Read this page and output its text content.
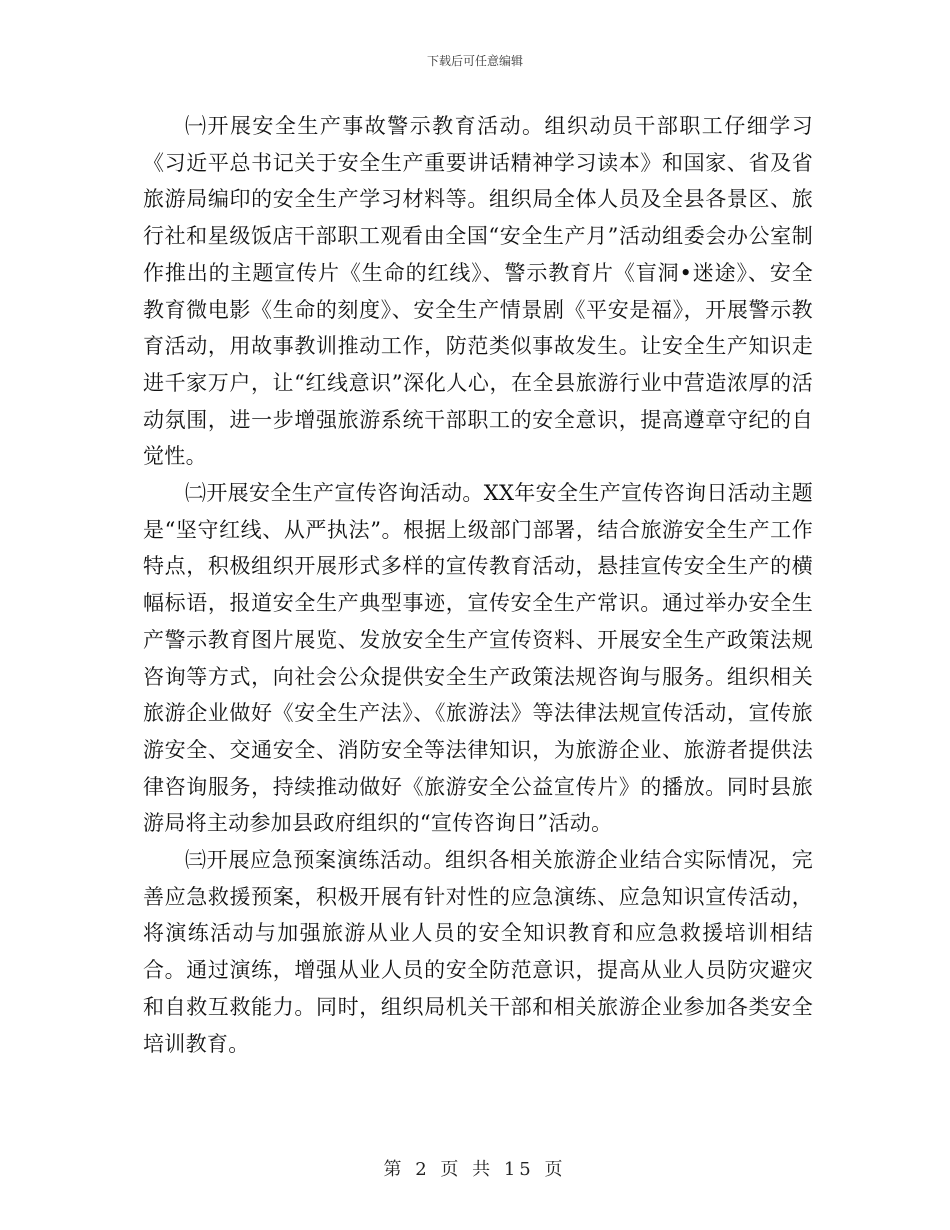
下载后可任意编辑

㈠开展安全生产事故警示教育活动。组织动员干部职工仔细学习《习近平总书记关于安全生产重要讲话精神学习读本》和国家、省及省旅游局编印的安全生产学习材料等。组织局全体人员及全县各景区、旅行社和星级饭店干部职工观看由全国“安全生产月”活动组委会办公室制作推出的主题宣传片《生命的红线》、警示教育片《盲洞•迷途》、安全教育微电影《生命的刻度》、安全生产情景剧《平安是福》，开展警示教育活动，用故事教训推动工作，防范类似事故发生。让安全生产知识走进千家万户，让“红线意识”深化人心，在全县旅游行业中营造浓厚的活动氛围，进一步增强旅游系统干部职工的安全意识，提高遵章守纪的自觉性。

㈡开展安全生产宣传咨询活动。XX年安全生产宣传咨询日活动主题是“坚守红线、从严执法”。根据上级部门部署，结合旅游安全生产工作特点，积极组织开展形式多样的宣传教育活动，悬挂宣传安全生产的横幅标语，报道安全生产典型事迹，宣传安全生产常识。通过举办安全生产警示教育图片展览、发放安全生产宣传资料、开展安全生产政策法规咨询等方式，向社会公众提供安全生产政策法规咨询与服务。组织相关旅游企业做好《安全生产法》、《旅游法》等法律法规宣传活动，宣传旅游安全、交通安全、消防安全等法律知识，为旅游企业、旅游者提供法律咨询服务，持续推动做好《旅游安全公益宣传片》的播放。同时县旅游局将主动参加县政府组织的“宣传咨询日”活动。

㈢开展应急预案演练活动。组织各相关旅游企业结合实际情况，完善应急救援预案，积极开展有针对性的应急演练、应急知识宣传活动，将演练活动与加强旅游从业人员的安全知识教育和应急救援培训相结合。通过演练，增强从业人员的安全防范意识，提高从业人员防灾避灾和自救互救能力。同时，组织局机关干部和相关旅游企业参加各类安全培训教育。

第 2 页 共 15 页
